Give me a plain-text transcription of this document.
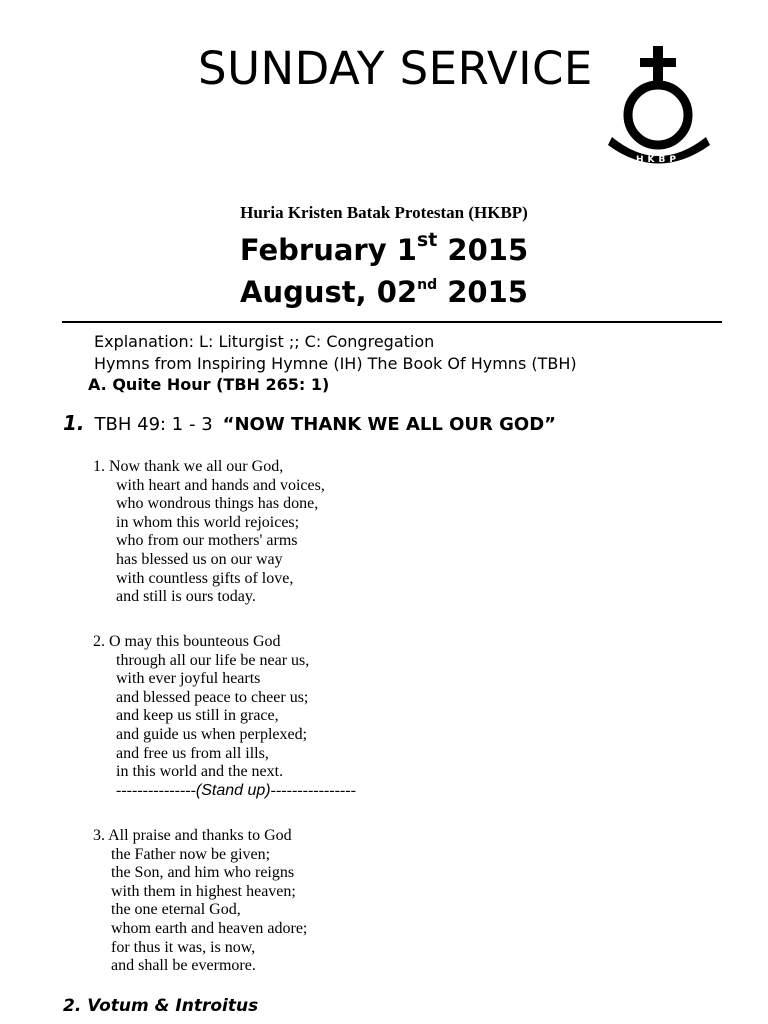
SUNDAY SERVICE
HKBP
Huria Kristen Batak Protestan (HKBP)
February 1st 2015
August, 02nd 2015
Explanation: L: Liturgist ;; C: Congregation
Hymns from Inspiring Hymne (IH) The Book Of Hymns (TBH)
A. Quite Hour (TBH 265: 1)
1. TBH 49: 1 - 3 “NOW THANK WE ALL OUR GOD”
1. Now thank we all our God,
with heart and hands and voices,
who wondrous things has done,
in whom this world rejoices;
who from our mothers' arms
has blessed us on our way
with countless gifts of love,
and still is ours today.
2. O may this bounteous God
through all our life be near us,
with ever joyful hearts
and blessed peace to cheer us;
and keep us still in grace,
and guide us when perplexed;
and free us from all ills,
in this world and the next.
---------------(Stand up)----------------
3. All praise and thanks to God
the Father now be given;
the Son, and him who reigns
with them in highest heaven;
the one eternal God,
whom earth and heaven adore;
for thus it was, is now,
and shall be evermore.
2. Votum & Introitus
